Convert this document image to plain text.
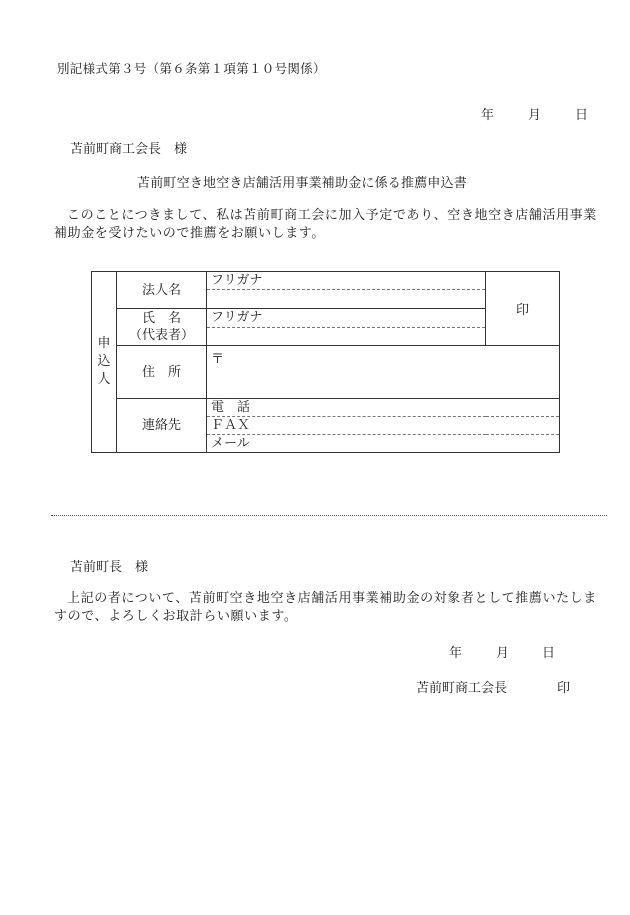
別記様式第３号（第６条第１項第１０号関係）
年	月	日
苫前町商工会長　様
苫前町空き地空き店舗活用事業補助金に係る推薦申込書

このことにつきまして、私は苫前町商工会に加入予定であり、空き地空き店舗活用事業補助金を受けたいので推薦をお願いします。

申
込
人	法人名	フリガナ	印

	氏　名
（代表者）	フリガナ	

	住　所	〒	
	連絡先	電　話	
		ＦＡＸ	
		メール	
苫前町長　様

上記の者について、苫前町空き地空き店舗活用事業補助金の対象者として推薦いたしますので、よろしくお取計らい願います。

年	月	日
苫前町商工会長	印
